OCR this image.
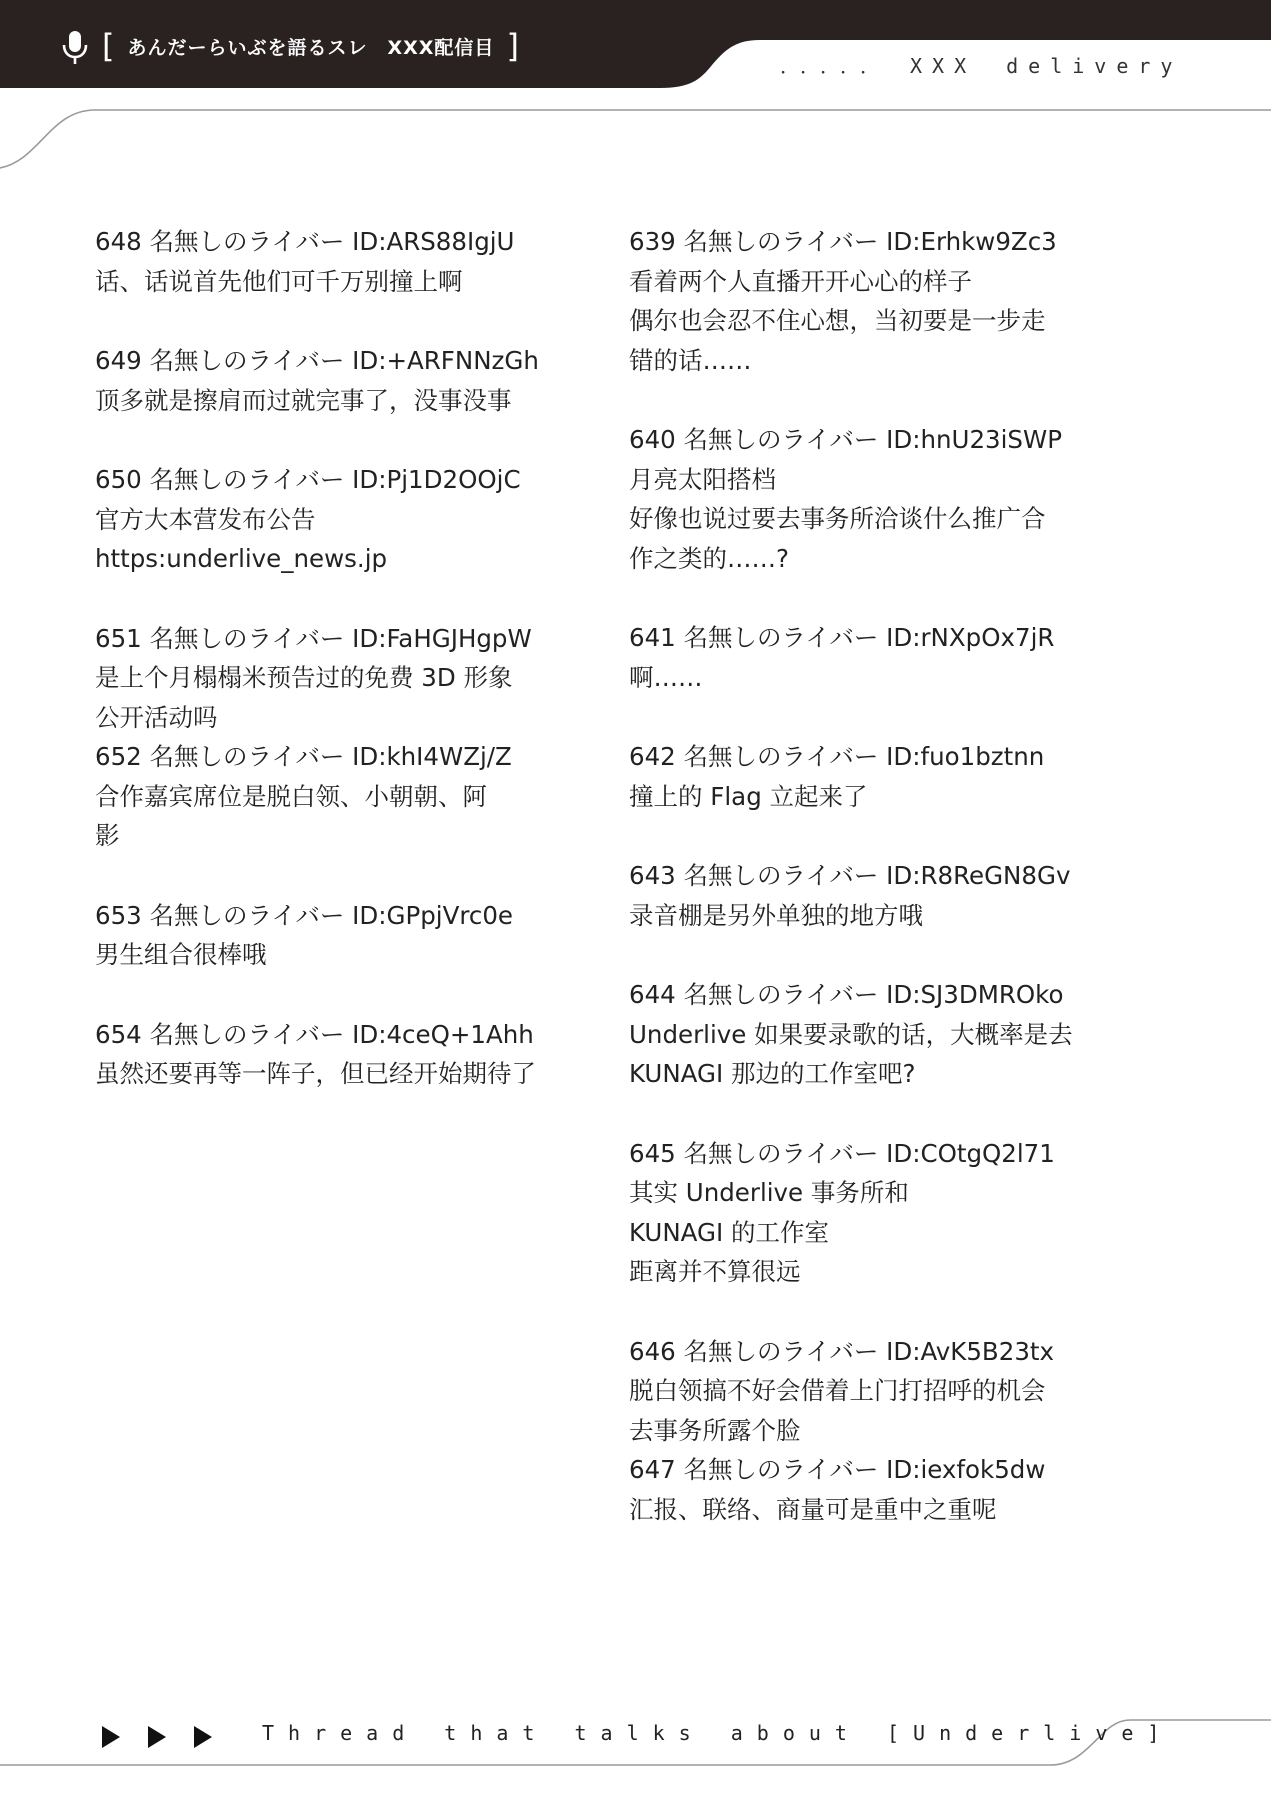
[ あんだーらいぶを語るスレ　XXX配信目 ]
．．．．．　XXX　delivery
648 名無しのライバー ID:ARS88IgjU
话、话说首先他们可千万别撞上啊
649 名無しのライバー ID:+ARFNNzGh
顶多就是擦肩而过就完事了，没事没事
650 名無しのライバー ID:Pj1D2OOjC
官方大本营发布公告
https:underlive_news.jp
651 名無しのライバー ID:FaHGJHgpW
是上个月榻榻米预告过的免费 3D 形象
公开活动吗
652 名無しのライバー ID:khI4WZj/Z
合作嘉宾席位是脱白领、小朝朝、阿
影
653 名無しのライバー ID:GPpjVrc0e
男生组合很棒哦
654 名無しのライバー ID:4ceQ+1Ahh
虽然还要再等一阵子，但已经开始期待了
639 名無しのライバー ID:Erhkw9Zc3
看着两个人直播开开心心的样子
偶尔也会忍不住心想，当初要是一步走
错的话……
640 名無しのライバー ID:hnU23iSWP
月亮太阳搭档
好像也说过要去事务所洽谈什么推广合
作之类的……?
641 名無しのライバー ID:rNXpOx7jR
啊……
642 名無しのライバー ID:fuo1bztnn
撞上的 Flag 立起来了
643 名無しのライバー ID:R8ReGN8Gv
录音棚是另外单独的地方哦
644 名無しのライバー ID:SJ3DMROko
Underlive 如果要录歌的话，大概率是去
KUNAGI 那边的工作室吧?
645 名無しのライバー ID:COtgQ2l71
其实 Underlive 事务所和
KUNAGI 的工作室
距离并不算很远
646 名無しのライバー ID:AvK5B23tx
脱白领搞不好会借着上门打招呼的机会
去事务所露个脸
647 名無しのライバー ID:iexfok5dw
汇报、联络、商量可是重中之重呢
Thread that talks about [Underlive]
